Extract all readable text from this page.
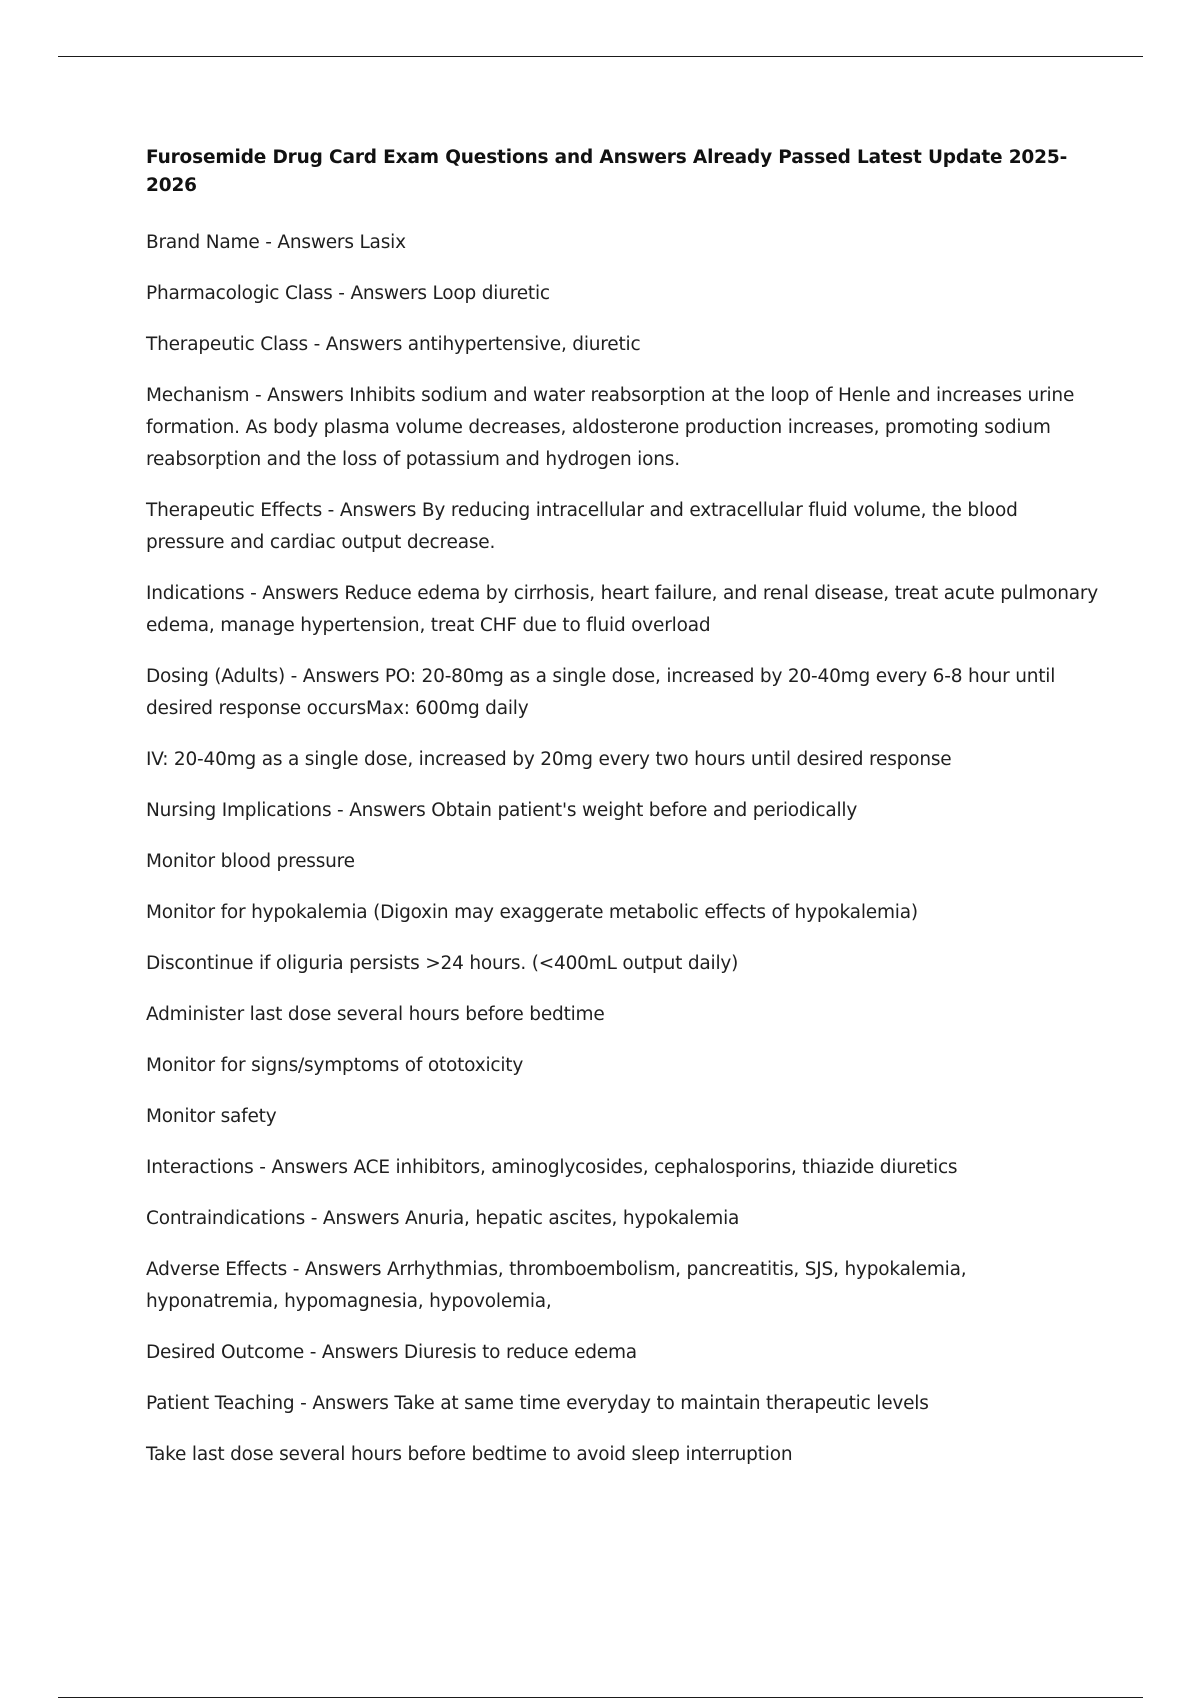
Furosemide Drug Card Exam Questions and Answers Already Passed Latest Update 2025-2026
Brand Name - Answers Lasix
Pharmacologic Class - Answers Loop diuretic
Therapeutic Class - Answers antihypertensive, diuretic
Mechanism - Answers Inhibits sodium and water reabsorption at the loop of Henle and increases urine formation. As body plasma volume decreases, aldosterone production increases, promoting sodium reabsorption and the loss of potassium and hydrogen ions.
Therapeutic Effects - Answers By reducing intracellular and extracellular fluid volume, the blood pressure and cardiac output decrease.
Indications - Answers Reduce edema by cirrhosis, heart failure, and renal disease, treat acute pulmonary edema, manage hypertension, treat CHF due to fluid overload
Dosing (Adults) - Answers PO: 20-80mg as a single dose, increased by 20-40mg every 6-8 hour until desired response occursMax: 600mg daily
IV: 20-40mg as a single dose, increased by 20mg every two hours until desired response
Nursing Implications - Answers Obtain patient's weight before and periodically
Monitor blood pressure
Monitor for hypokalemia (Digoxin may exaggerate metabolic effects of hypokalemia)
Discontinue if oliguria persists >24 hours. (<400mL output daily)
Administer last dose several hours before bedtime
Monitor for signs/symptoms of ototoxicity
Monitor safety
Interactions - Answers ACE inhibitors, aminoglycosides, cephalosporins, thiazide diuretics
Contraindications - Answers Anuria, hepatic ascites, hypokalemia
Adverse Effects - Answers Arrhythmias, thromboembolism, pancreatitis, SJS, hypokalemia, hyponatremia, hypomagnesia, hypovolemia,
Desired Outcome - Answers Diuresis to reduce edema
Patient Teaching - Answers Take at same time everyday to maintain therapeutic levels
Take last dose several hours before bedtime to avoid sleep interruption
